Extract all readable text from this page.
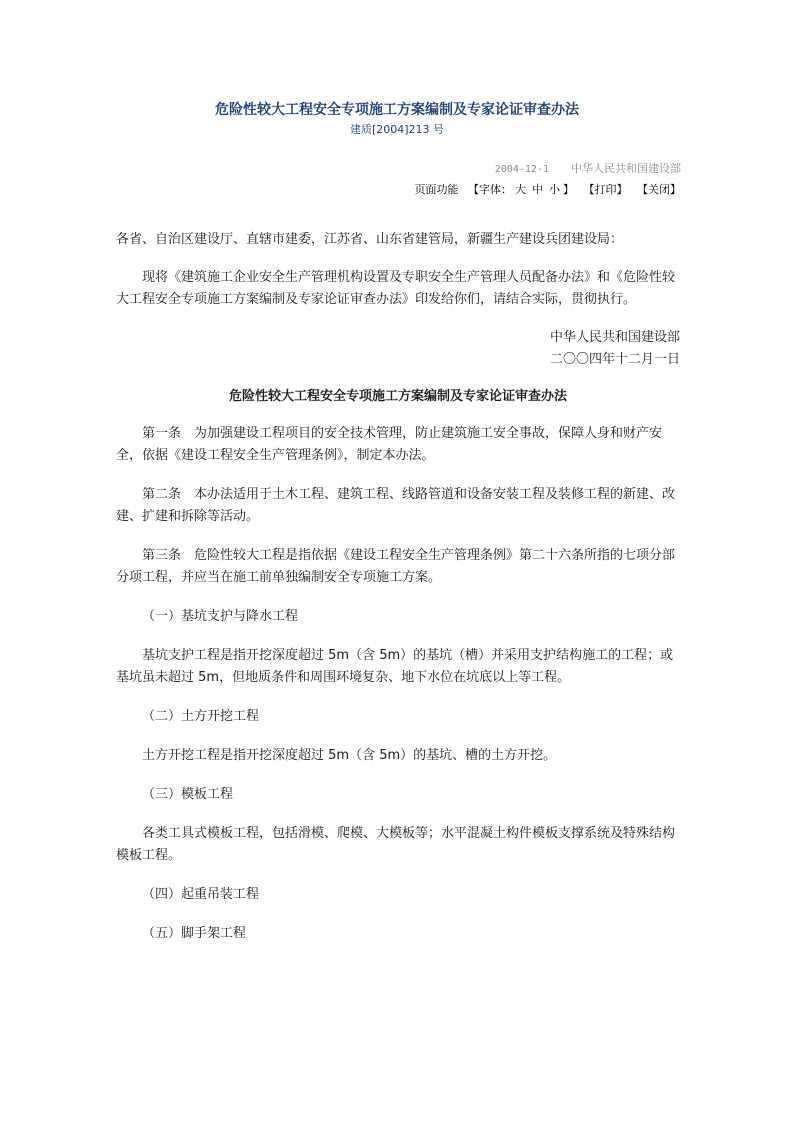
危险性较大工程安全专项施工方案编制及专家论证审查办法
建质[2004]213 号
2004-12-1 中华人民共和国建设部
页面功能 【字体： 大 中 小 】 【打印】 【关闭】

各省、自治区建设厅、直辖市建委，江苏省、山东省建管局，新疆生产建设兵团建设局：

现将《建筑施工企业安全生产管理机构设置及专职安全生产管理人员配备办法》和《危险性较大工程安全专项施工方案编制及专家论证审查办法》印发给你们，请结合实际，贯彻执行。

中华人民共和国建设部

二〇〇四年十二月一日

危险性较大工程安全专项施工方案编制及专家论证审查办法

第一条　为加强建设工程项目的安全技术管理，防止建筑施工安全事故，保障人身和财产安全，依据《建设工程安全生产管理条例》，制定本办法。

第二条　本办法适用于土木工程、建筑工程、线路管道和设备安装工程及装修工程的新建、改建、扩建和拆除等活动。

第三条　危险性较大工程是指依据《建设工程安全生产管理条例》第二十六条所指的七项分部分项工程，并应当在施工前单独编制安全专项施工方案。

（一）基坑支护与降水工程

基坑支护工程是指开挖深度超过 5m（含 5m）的基坑（槽）并采用支护结构施工的工程；或基坑虽未超过 5m，但地质条件和周围环境复杂、地下水位在坑底以上等工程。

（二）土方开挖工程

土方开挖工程是指开挖深度超过 5m（含 5m）的基坑、槽的土方开挖。

（三）模板工程

各类工具式模板工程，包括滑模、爬模、大模板等；水平混凝土构件模板支撑系统及特殊结构模板工程。

（四）起重吊装工程

（五）脚手架工程
